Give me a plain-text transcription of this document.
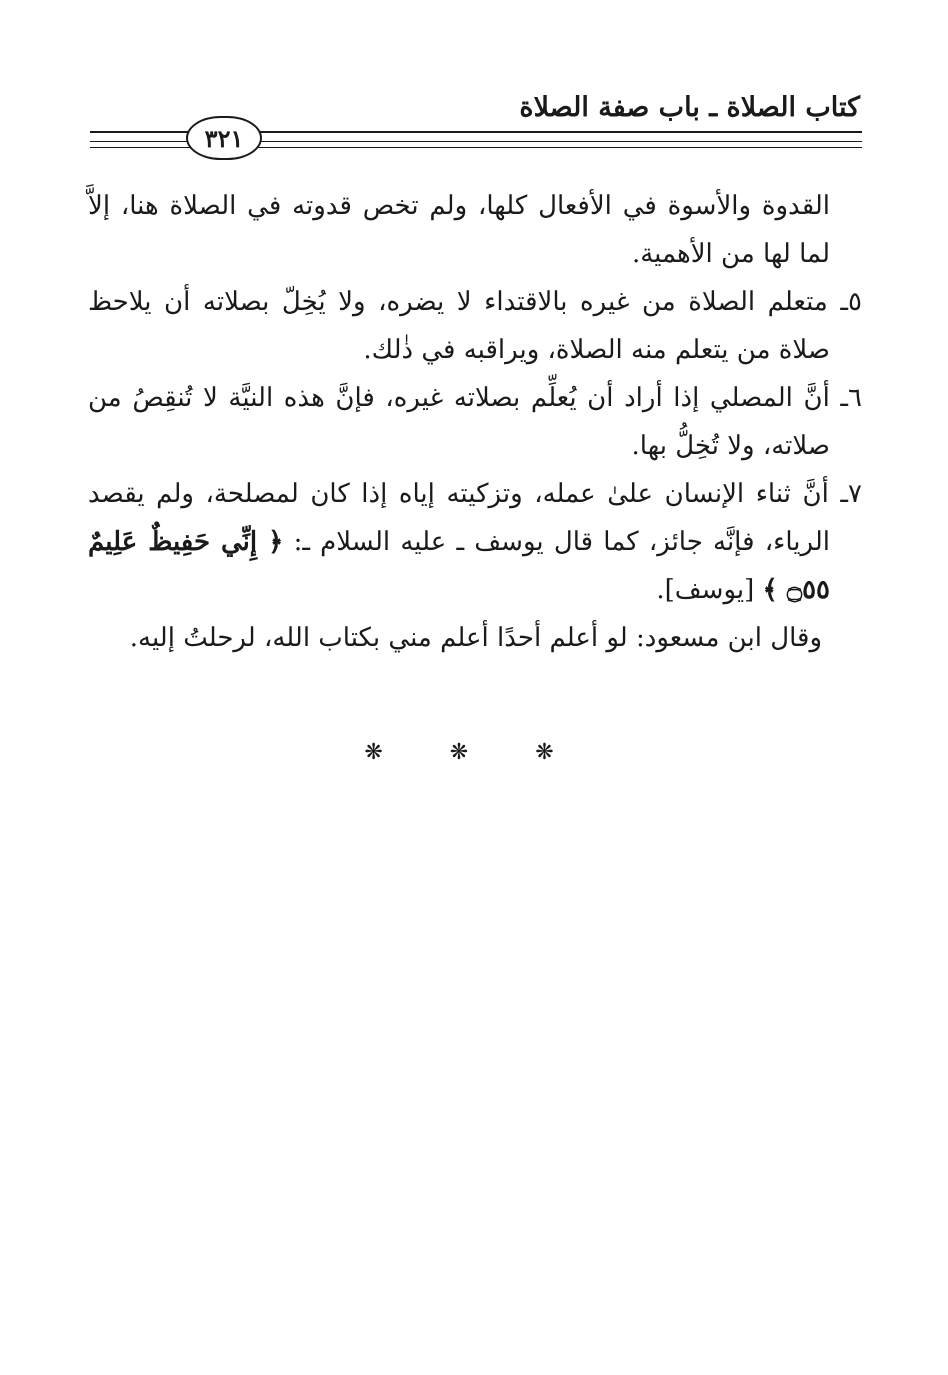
كتاب الصلاة ـ باب صفة الصلاة
٣٢١

القدوة والأسوة في الأفعال كلها، ولم تخص قدوته في الصلاة هنا، إلاَّ لما لها من الأهمية.

٥ـ متعلم الصلاة من غيره بالاقتداء لا يضره، ولا يُخِلّ بصلاته أن يلاحظ صلاة من يتعلم منه الصلاة، ويراقبه في ذٰلك.

٦ـ أنَّ المصلي إذا أراد أن يُعلِّم بصلاته غيره، فإنَّ هذه النيَّة لا تُنقِصُ من صلاته، ولا تُخِلُّ بها.

٧ـ أنَّ ثناء الإنسان علىٰ عمله، وتزكيته إياه إذا كان لمصلحة، ولم يقصد الرياء، فإنَّه جائز، كما قال يوسف ـ عليه السلام ـ: ﴿ إِنِّي حَفِيظٌ عَلِيمٌ ۝٥٥ ﴾ [يوسف].

وقال ابن مسعود: لو أعلم أحدًا أعلم مني بكتاب الله، لرحلتُ إليه.

❋ ❋ ❋
